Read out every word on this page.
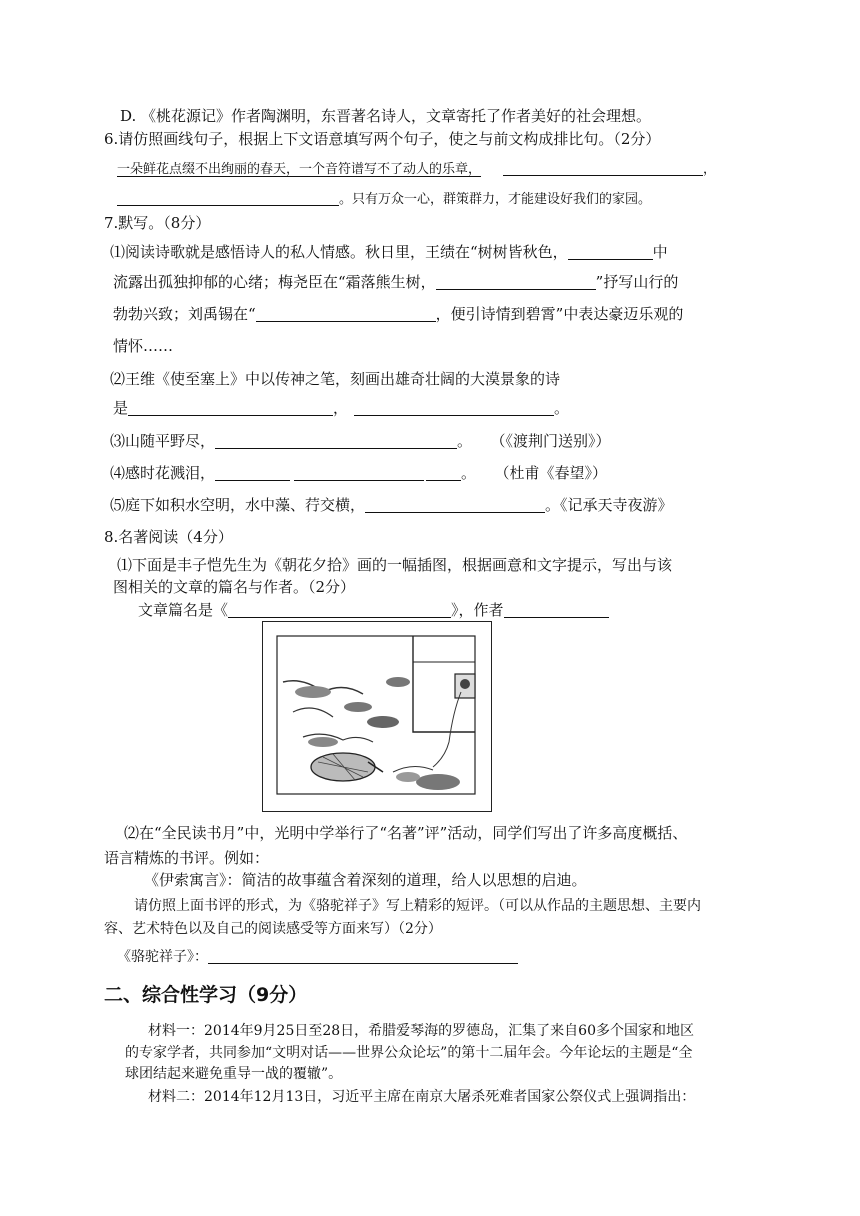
D. 《桃花源记》作者陶渊明，东晋著名诗人，文章寄托了作者美好的社会理想。
6.请仿照画线句子，根据上下文语意填写两个句子，使之与前文构成排比句。（2分）
一朵鲜花点缀不出绚丽的春天，一个音符谱写不了动人的乐章，	，
。只有万众一心，群策群力，才能建设好我们的家园。
7.默写。（8分）
⑴阅读诗歌就是感悟诗人的私人情感。秋日里，王绩在“树树皆秋色，	中
流露出孤独抑郁的心绪；梅尧臣在“霜落熊生树，	”抒写山行的
勃勃兴致；刘禹锡在“	，便引诗情到碧霄”中表达豪迈乐观的
情怀……
⑵王维《使至塞上》中以传神之笔，刻画出雄奇壮阔的大漠景象的诗
是	，	。
⑶山随平野尽，	。 （《渡荆门送别》）
⑷感时花溅泪，	。 （杜甫《春望》）
⑸庭下如积水空明，水中藻、荇交横，	。《记承天寺夜游》
8.名著阅读（4分）
⑴下面是丰子恺先生为《朝花夕拾》画的一幅插图，根据画意和文字提示，写出与该
图相关的文章的篇名与作者。（2分）
文章篇名是《	》，作者
⑵在“全民读书月”中，光明中学举行了“名著”评”活动，同学们写出了许多高度概括、
语言精炼的书评。例如：
《伊索寓言》：简洁的故事蕴含着深刻的道理，给人以思想的启迪。
请仿照上面书评的形式，为《骆驼祥子》写上精彩的短评。（可以从作品的主题思想、主要内
容、艺术特色以及自己的阅读感受等方面来写）（2分）
《骆驼祥子》：
二、综合性学习（9分）
材料一：2014年9月25日至28日，希腊爱琴海的罗德岛，汇集了来自60多个国家和地区
的专家学者，共同参加“文明对话——世界公众论坛”的第十二届年会。今年论坛的主题是“全
球团结起来避免重导一战的覆辙”。
材料二：2014年12月13日，习近平主席在南京大屠杀死难者国家公祭仪式上强调指出：
